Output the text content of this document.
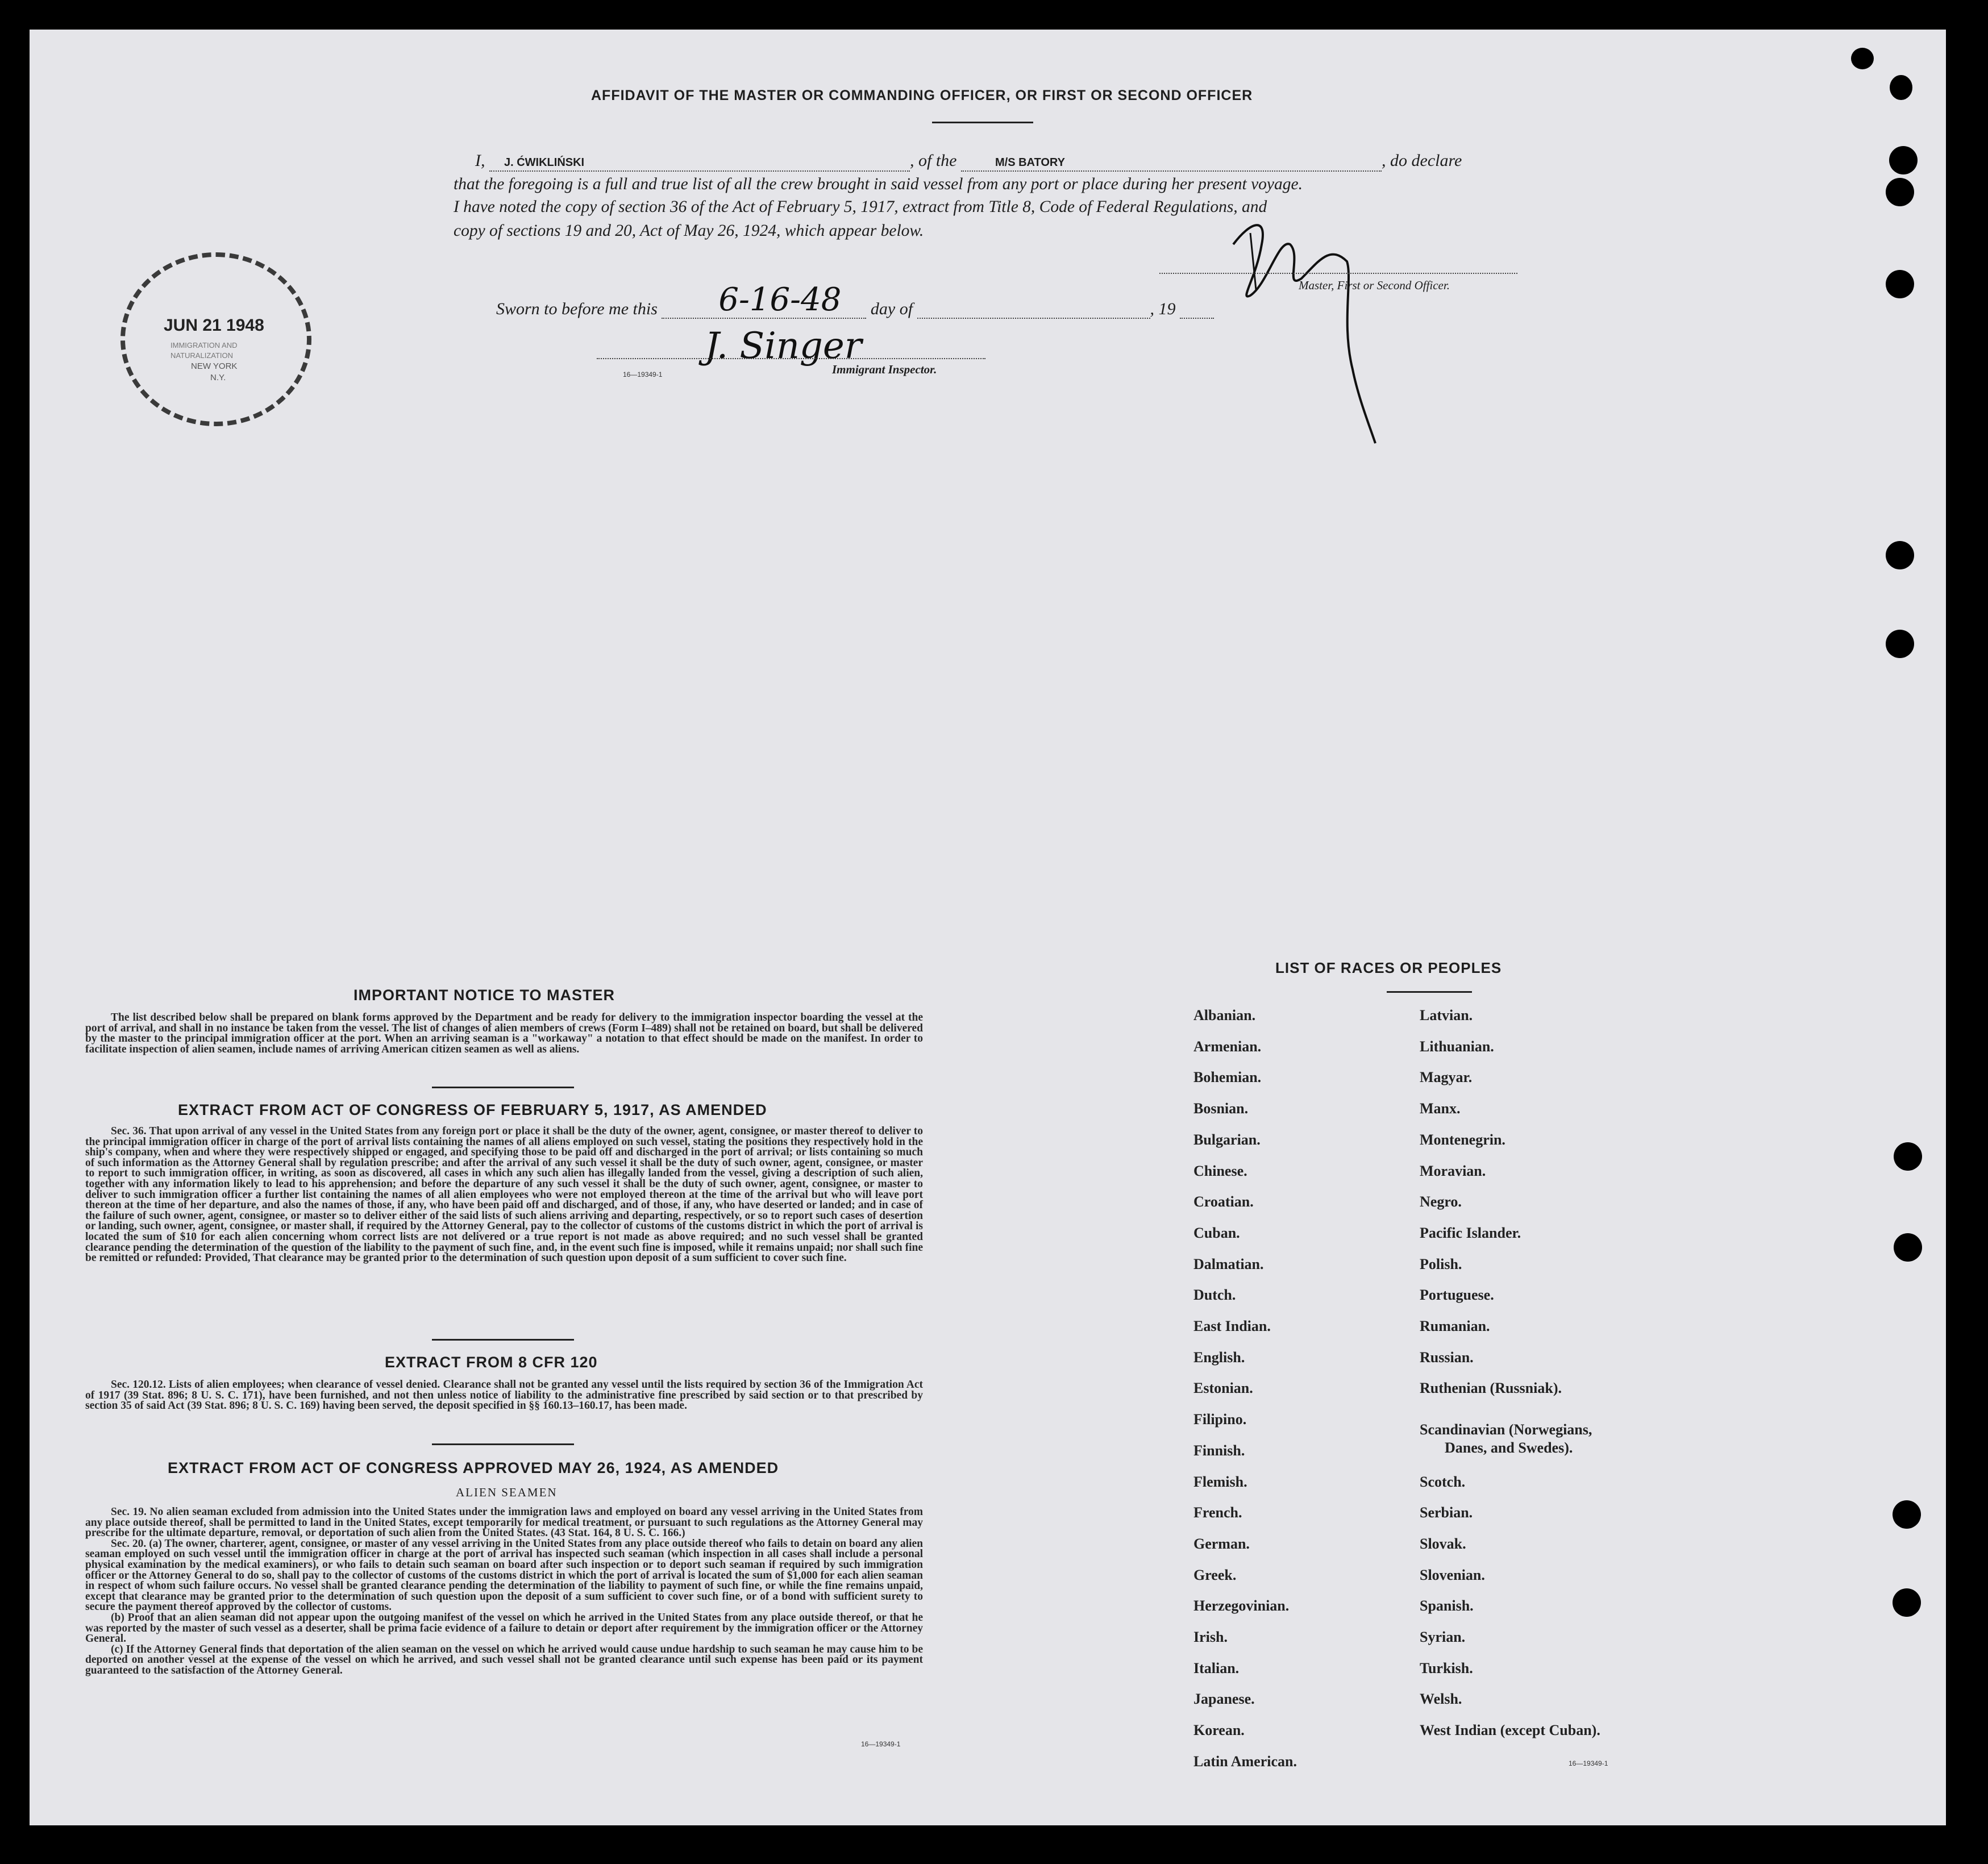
AFFIDAVIT OF THE MASTER OR COMMANDING OFFICER, OR FIRST OR SECOND OFFICER
I, J. ĆWIKLIŃSKI	, of the	M/S BATORY	, do declare
that the foregoing is a full and true list of all the crew brought in said vessel from any port or place during her present voyage.
I have noted the copy of section 36 of the Act of February 5, 1917, extract from Title 8, Code of Federal Regulations, and
copy of sections 19 and 20, Act of May 26, 1924, which appear below.
Master, First or Second Officer.
Sworn to before me this 6-16-48 day of	, 19
J. Singer
16—19349-1	Immigrant Inspector.
JUN 21 1948
IMMIGRATION AND
NATURALIZATION
NEW YORK
N.Y.
IMPORTANT NOTICE TO MASTER
The list described below shall be prepared on blank forms approved by the Department and be ready for delivery to the immigration inspector boarding the vessel at the port of arrival, and shall in no instance be taken from the vessel. The list of changes of alien members of crews (Form I–489) shall not be retained on board, but shall be delivered by the master to the principal immigration officer at the port. When an arriving seaman is a "workaway" a notation to that effect should be made on the manifest. In order to facilitate inspection of alien seamen, include names of arriving American citizen seamen as well as aliens.
EXTRACT FROM ACT OF CONGRESS OF FEBRUARY 5, 1917, AS AMENDED
Sec. 36. That upon arrival of any vessel in the United States from any foreign port or place it shall be the duty of the owner, agent, consignee, or master thereof to deliver to the principal immigration officer in charge of the port of arrival lists containing the names of all aliens employed on such vessel, stating the positions they respectively hold in the ship's company, when and where they were respectively shipped or engaged, and specifying those to be paid off and discharged in the port of arrival; or lists containing so much of such information as the Attorney General shall by regulation prescribe; and after the arrival of any such vessel it shall be the duty of such owner, agent, consignee, or master to report to such immigration officer, in writing, as soon as discovered, all cases in which any such alien has illegally landed from the vessel, giving a description of such alien, together with any information likely to lead to his apprehension; and before the departure of any such vessel it shall be the duty of such owner, agent, consignee, or master to deliver to such immigration officer a further list containing the names of all alien employees who were not employed thereon at the time of the arrival but who will leave port thereon at the time of her departure, and also the names of those, if any, who have been paid off and discharged, and of those, if any, who have deserted or landed; and in case of the failure of such owner, agent, consignee, or master so to deliver either of the said lists of such aliens arriving and departing, respectively, or so to report such cases of desertion or landing, such owner, agent, consignee, or master shall, if required by the Attorney General, pay to the collector of customs of the customs district in which the port of arrival is located the sum of $10 for each alien concerning whom correct lists are not delivered or a true report is not made as above required; and no such vessel shall be granted clearance pending the determination of the question of the liability to the payment of such fine, and, in the event such fine is imposed, while it remains unpaid; nor shall such fine be remitted or refunded: Provided, That clearance may be granted prior to the determination of such question upon deposit of a sum sufficient to cover such fine.
EXTRACT FROM 8 CFR 120
Sec. 120.12. Lists of alien employees; when clearance of vessel denied. Clearance shall not be granted any vessel until the lists required by section 36 of the Immigration Act of 1917 (39 Stat. 896; 8 U. S. C. 171), have been furnished, and not then unless notice of liability to the administrative fine prescribed by said section or to that prescribed by section 35 of said Act (39 Stat. 896; 8 U. S. C. 169) having been served, the deposit specified in §§ 160.13–160.17, has been made.
EXTRACT FROM ACT OF CONGRESS APPROVED MAY 26, 1924, AS AMENDED
ALIEN SEAMEN
Sec. 19. No alien seaman excluded from admission into the United States under the immigration laws and employed on board any vessel arriving in the United States from any place outside thereof, shall be permitted to land in the United States, except temporarily for medical treatment, or pursuant to such regulations as the Attorney General may prescribe for the ultimate departure, removal, or deportation of such alien from the United States. (43 Stat. 164, 8 U. S. C. 166.)
Sec. 20. (a) The owner, charterer, agent, consignee, or master of any vessel arriving in the United States from any place outside thereof who fails to detain on board any alien seaman employed on such vessel until the immigration officer in charge at the port of arrival has inspected such seaman (which inspection in all cases shall include a personal physical examination by the medical examiners), or who fails to detain such seaman on board after such inspection or to deport such seaman if required by such immigration officer or the Attorney General to do so, shall pay to the collector of customs of the customs district in which the port of arrival is located the sum of $1,000 for each alien seaman in respect of whom such failure occurs. No vessel shall be granted clearance pending the determination of the liability to payment of such fine, or while the fine remains unpaid, except that clearance may be granted prior to the determination of such question upon the deposit of a sum sufficient to cover such fine, or of a bond with sufficient surety to secure the payment thereof approved by the collector of customs.
(b) Proof that an alien seaman did not appear upon the outgoing manifest of the vessel on which he arrived in the United States from any place outside thereof, or that he was reported by the master of such vessel as a deserter, shall be prima facie evidence of a failure to detain or deport after requirement by the immigration officer or the Attorney General.
(c) If the Attorney General finds that deportation of the alien seaman on the vessel on which he arrived would cause undue hardship to such seaman he may cause him to be deported on another vessel at the expense of the vessel on which he arrived, and such vessel shall not be granted clearance until such expense has been paid or its payment guaranteed to the satisfaction of the Attorney General.
16—19349-1
LIST OF RACES OR PEOPLES
Albanian.
Armenian.
Bohemian.
Bosnian.
Bulgarian.
Chinese.
Croatian.
Cuban.
Dalmatian.
Dutch.
East Indian.
English.
Estonian.
Filipino.
Finnish.
Flemish.
French.
German.
Greek.
Herzegovinian.
Irish.
Italian.
Japanese.
Korean.
Latin American.
Latvian.
Lithuanian.
Magyar.
Manx.
Montenegrin.
Moravian.
Negro.
Pacific Islander.
Polish.
Portuguese.
Rumanian.
Russian.
Ruthenian (Russniak).
Scandinavian (Norwegians,
Danes, and Swedes).
Scotch.
Serbian.
Slovak.
Slovenian.
Spanish.
Syrian.
Turkish.
Welsh.
West Indian (except Cuban).
16—19349-1
